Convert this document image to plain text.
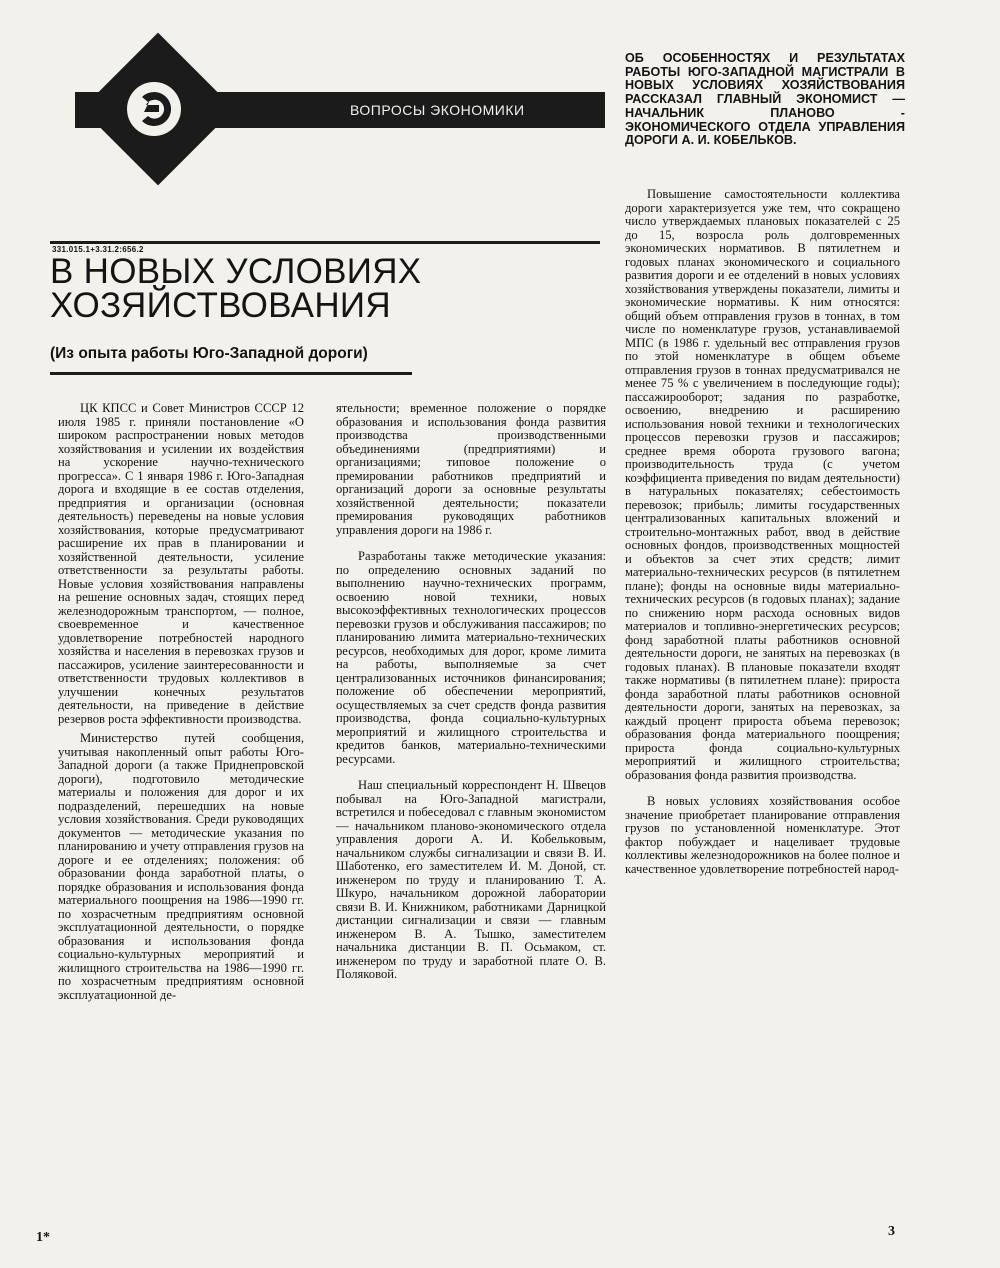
ВОПРОСЫ ЭКОНОМИКИ
331.015.1+3.31.2:656.2
В НОВЫХ УСЛОВИЯХ ХОЗЯЙСТВОВАНИЯ
(Из опыта работы Юго-Западной дороги)

ЦК КПСС и Совет Министров СССР 12 июля 1985 г. приняли постановление «О широком распространении новых методов хозяйствования и усилении их воздействия на ускорение научно-технического прогресса». С 1 января 1986 г. Юго-Западная дорога и входящие в ее состав отделения, предприятия и организации (основная деятельность) переведены на новые условия хозяйствования, которые предусматривают расширение их прав в планировании и хозяйственной деятельности, усиление ответственности за результаты работы. Новые условия хозяйствования направлены на решение основных задач, стоящих перед железнодорожным транспортом, — полное, своевременное и качественное удовлетворение потребностей народного хозяйства и населения в перевозках грузов и пассажиров, усиление заинтересованности и ответственности трудовых коллективов в улучшении конечных результатов деятельности, на приведение в действие резервов роста эффективности производства.

Министерство путей сообщения, учитывая накопленный опыт работы Юго-Западной дороги (а также Приднепровской дороги), подготовило методические материалы и положения для дорог и их подразделений, перешедших на новые условия хозяйствования. Среди руководящих документов — методические указания по планированию и учету отправления грузов на дороге и ее отделениях; положения: об образовании фонда заработной платы, о порядке образования и использования фонда материального поощрения на 1986—1990 гг. по хозрасчетным предприятиям основной эксплуатационной деятельности, о порядке образования и использования фонда социально-культурных мероприятий и жилищного строительства на 1986—1990 гг. по хозрасчетным предприятиям основной эксплуатационной де-

ятельности; временное положение о порядке образования и использования фонда развития производства производственными объединениями (предприятиями) и организациями; типовое положение о премировании работников предприятий и организаций дороги за основные результаты хозяйственной деятельности; показатели премирования руководящих работников управления дороги на 1986 г.

Разработаны также методические указания: по определению основных заданий по выполнению научно-технических программ, освоению новой техники, новых высокоэффективных технологических процессов перевозки грузов и обслуживания пассажиров; по планированию лимита материально-технических ресурсов, необходимых для дорог, кроме лимита на работы, выполняемые за счет централизованных источников финансирования; положение об обеспечении мероприятий, осуществляемых за счет средств фонда развития производства, фонда социально-культурных мероприятий и жилищного строительства и кредитов банков, материально-техническими ресурсами.

Наш специальный корреспондент Н. Швецов побывал на Юго-Западной магистрали, встретился и побеседовал с главным экономистом — начальником планово-экономического отдела управления дороги А. И. Кобельковым, начальником службы сигнализации и связи В. И. Шаботенко, его заместителем И. М. Доной, ст. инженером по труду и планированию Т. А. Шкуро, начальником дорожной лаборатории связи В. И. Книжником, работниками Дарницкой дистанции сигнализации и связи — главным инженером В. А. Тышко, заместителем начальника дистанции В. П. Осьмаком, ст. инженером по труду и заработной плате О. В. Поляковой.

ОБ ОСОБЕННОСТЯХ И РЕЗУЛЬТАТАХ РАБОТЫ ЮГО-ЗАПАДНОЙ МАГИСТРАЛИ В НОВЫХ УСЛОВИЯХ ХОЗЯЙСТВОВАНИЯ РАССКАЗАЛ ГЛАВНЫЙ ЭКОНОМИСТ — НАЧАЛЬНИК ПЛАНОВО - ЭКОНОМИЧЕСКОГО ОТДЕЛА УПРАВЛЕНИЯ ДОРОГИ А. И. КОБЕЛЬКОВ.

Повышение самостоятельности коллектива дороги характеризуется уже тем, что сокращено число утверждаемых плановых показателей с 25 до 15, возросла роль долговременных экономических нормативов. В пятилетнем и годовых планах экономического и социального развития дороги и ее отделений в новых условиях хозяйствования утверждены показатели, лимиты и экономические нормативы. К ним относятся: общий объем отправления грузов в тоннах, в том числе по номенклатуре грузов, устанавливаемой МПС (в 1986 г. удельный вес отправления грузов по этой номенклатуре в общем объеме отправления грузов в тоннах предусматривался не менее 75 % с увеличением в последующие годы); пассажирооборот; задания по разработке, освоению, внедрению и расширению использования новой техники и технологических процессов перевозки грузов и пассажиров; среднее время оборота грузового вагона; производительность труда (с учетом коэффициента приведения по видам деятельности) в натуральных показателях; себестоимость перевозок; прибыль; лимиты государственных централизованных капитальных вложений и строительно-монтажных работ, ввод в действие основных фондов, производственных мощностей и объектов за счет этих средств; лимит материально-технических ресурсов (в пятилетнем плане); фонды на основные виды материально-технических ресурсов (в годовых планах); задание по снижению норм расхода основных видов материалов и топливно-энергетических ресурсов; фонд заработной платы работников основной деятельности дороги, не занятых на перевозках (в годовых планах). В плановые показатели входят также нормативы (в пятилетнем плане): прироста фонда заработной платы работников основной деятельности дороги, занятых на перевозках, за каждый процент прироста объема перевозок; образования фонда материального поощрения; прироста фонда социально-культурных мероприятий и жилищного строительства; образования фонда развития производства.

В новых условиях хозяйствования особое значение приобретает планирование отправления грузов по установленной номенклатуре. Этот фактор побуждает и нацеливает трудовые коллективы железнодорожников на более полное и качественное удовлетворение потребностей народ-

1*	3
